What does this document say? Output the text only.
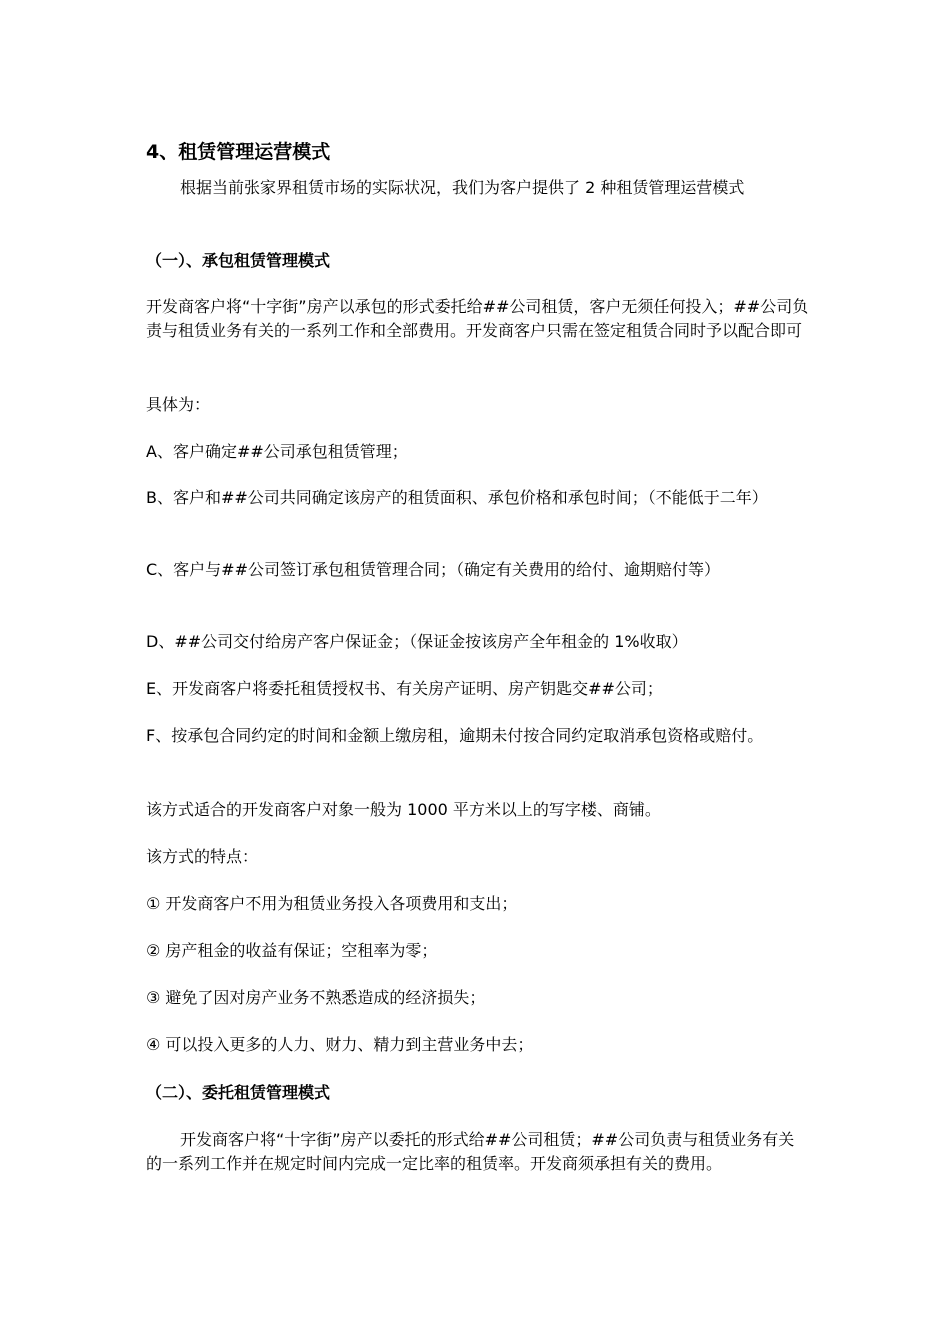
4、租赁管理运营模式
根据当前张家界租赁市场的实际状况，我们为客户提供了 2 种租赁管理运营模式
（一）、承包租赁管理模式
开发商客户将“十字街”房产以承包的形式委托给##公司租赁，客户无须任何投入；##公司负责与租赁业务有关的一系列工作和全部费用。开发商客户只需在签定租赁合同时予以配合即可
具体为：
A、客户确定##公司承包租赁管理；
B、客户和##公司共同确定该房产的租赁面积、承包价格和承包时间；（不能低于二年）
C、客户与##公司签订承包租赁管理合同；（确定有关费用的给付、逾期赔付等）
D、##公司交付给房产客户保证金；（保证金按该房产全年租金的 1%收取）
E、开发商客户将委托租赁授权书、有关房产证明、房产钥匙交##公司；
F、按承包合同约定的时间和金额上缴房租，逾期未付按合同约定取消承包资格或赔付。
该方式适合的开发商客户对象一般为 1000 平方米以上的写字楼、商铺。
该方式的特点：
① 开发商客户不用为租赁业务投入各项费用和支出；
② 房产租金的收益有保证；空租率为零；
③ 避免了因对房产业务不熟悉造成的经济损失；
④ 可以投入更多的人力、财力、精力到主营业务中去；
（二）、委托租赁管理模式
开发商客户将“十字街”房产以委托的形式给##公司租赁；##公司负责与租赁业务有关的一系列工作并在规定时间内完成一定比率的租赁率。开发商须承担有关的费用。
